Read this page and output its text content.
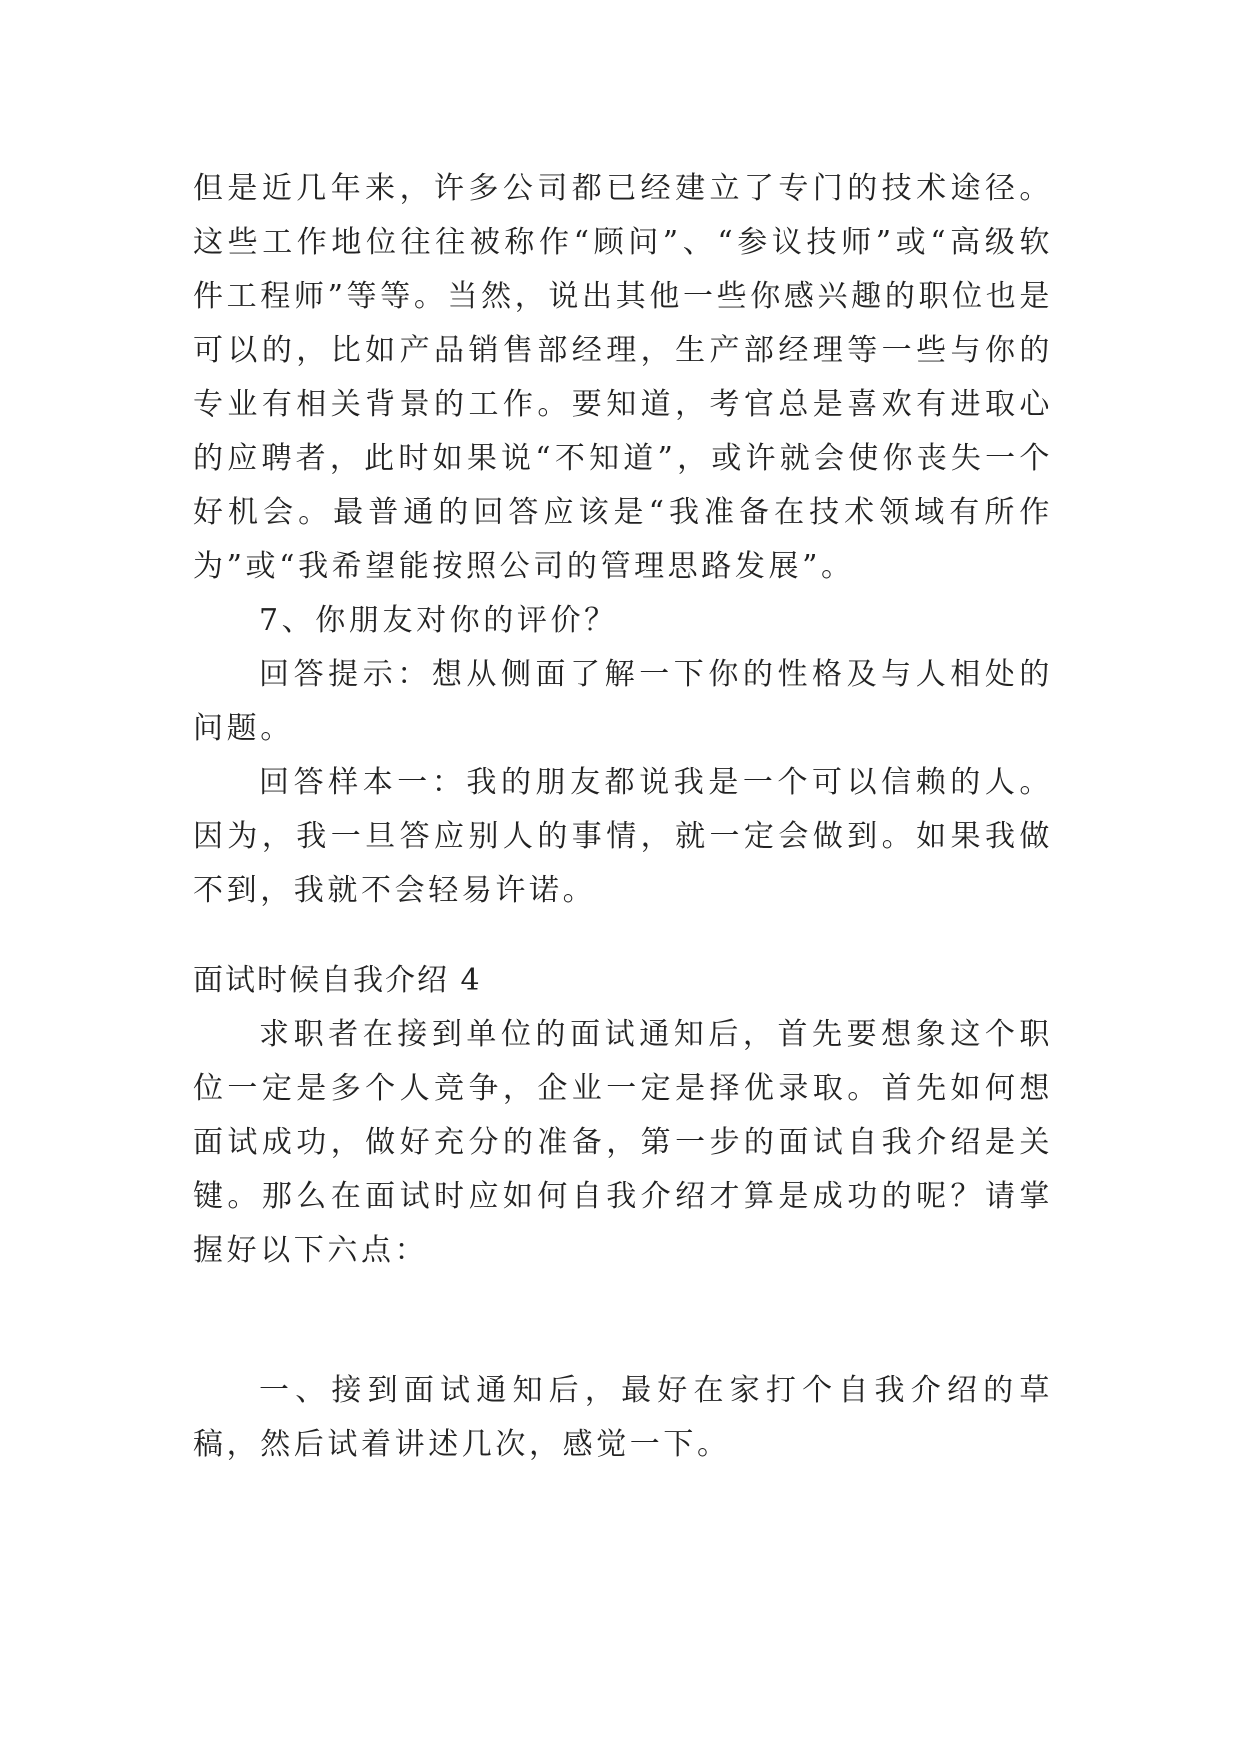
但是近几年来，许多公司都已经建立了专门的技术途径。这些工作地位往往被称作“顾问”、“参议技师”或“高级软件工程师”等等。当然，说出其他一些你感兴趣的职位也是可以的，比如产品销售部经理，生产部经理等一些与你的专业有相关背景的工作。要知道，考官总是喜欢有进取心的应聘者，此时如果说“不知道”，或许就会使你丧失一个好机会。最普通的回答应该是“我准备在技术领域有所作为”或“我希望能按照公司的管理思路发展”。

7、你朋友对你的评价？

回答提示：想从侧面了解一下你的性格及与人相处的问题。

回答样本一：我的朋友都说我是一个可以信赖的人。因为，我一旦答应别人的事情，就一定会做到。如果我做不到，我就不会轻易许诺。

面试时候自我介绍 4

求职者在接到单位的面试通知后，首先要想象这个职位一定是多个人竞争，企业一定是择优录取。首先如何想面试成功，做好充分的准备，第一步的面试自我介绍是关键。那么在面试时应如何自我介绍才算是成功的呢？请掌握好以下六点：

一、接到面试通知后，最好在家打个自我介绍的草稿，然后试着讲述几次，感觉一下。
